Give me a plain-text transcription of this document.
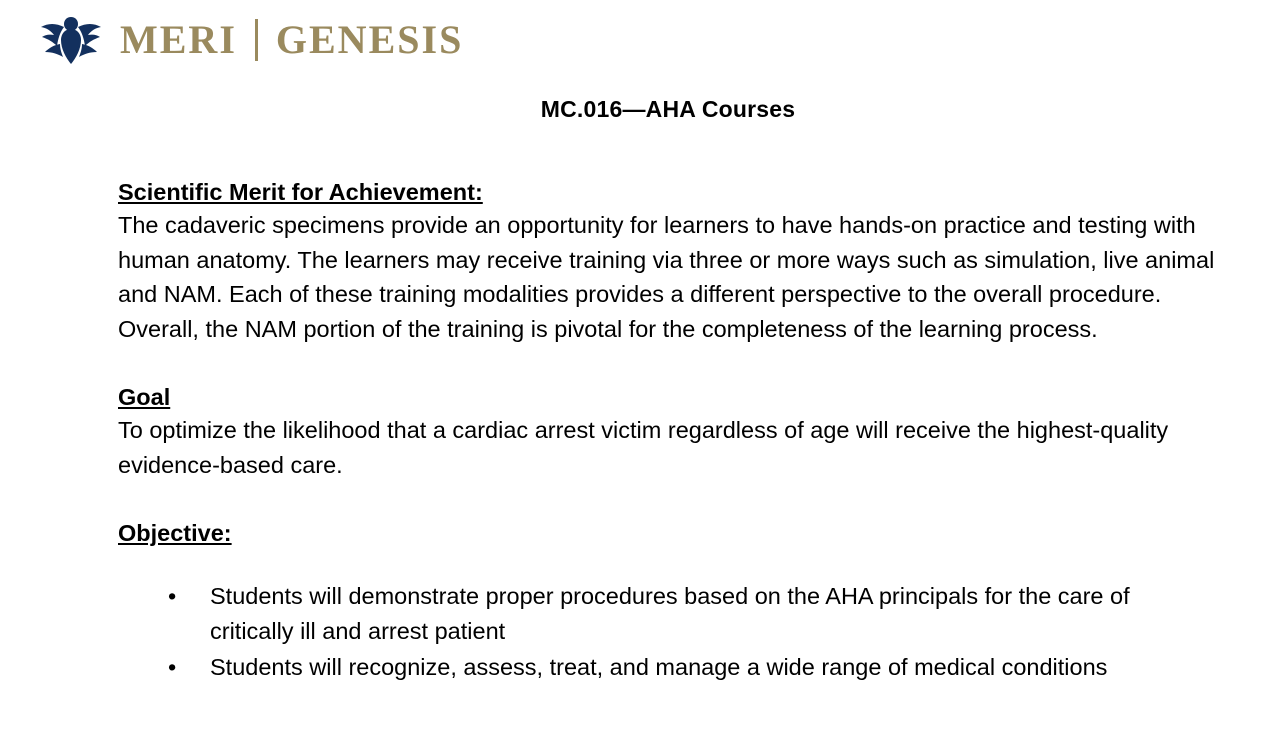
MERI GENESIS
MC.016—AHA Courses
Scientific Merit for Achievement:

The cadaveric specimens provide an opportunity for learners to have hands-on practice and testing with human anatomy. The learners may receive training via three or more ways such as simulation, live animal and NAM. Each of these training modalities provides a different perspective to the overall procedure. Overall, the NAM portion of the training is pivotal for the completeness of the learning process.

Goal

To optimize the likelihood that a cardiac arrest victim regardless of age will receive the highest-quality evidence-based care.

Objective:
• Students will demonstrate proper procedures based on the AHA principals for the care of critically ill and arrest patient
• Students will recognize, assess, treat, and manage a wide range of medical conditions
